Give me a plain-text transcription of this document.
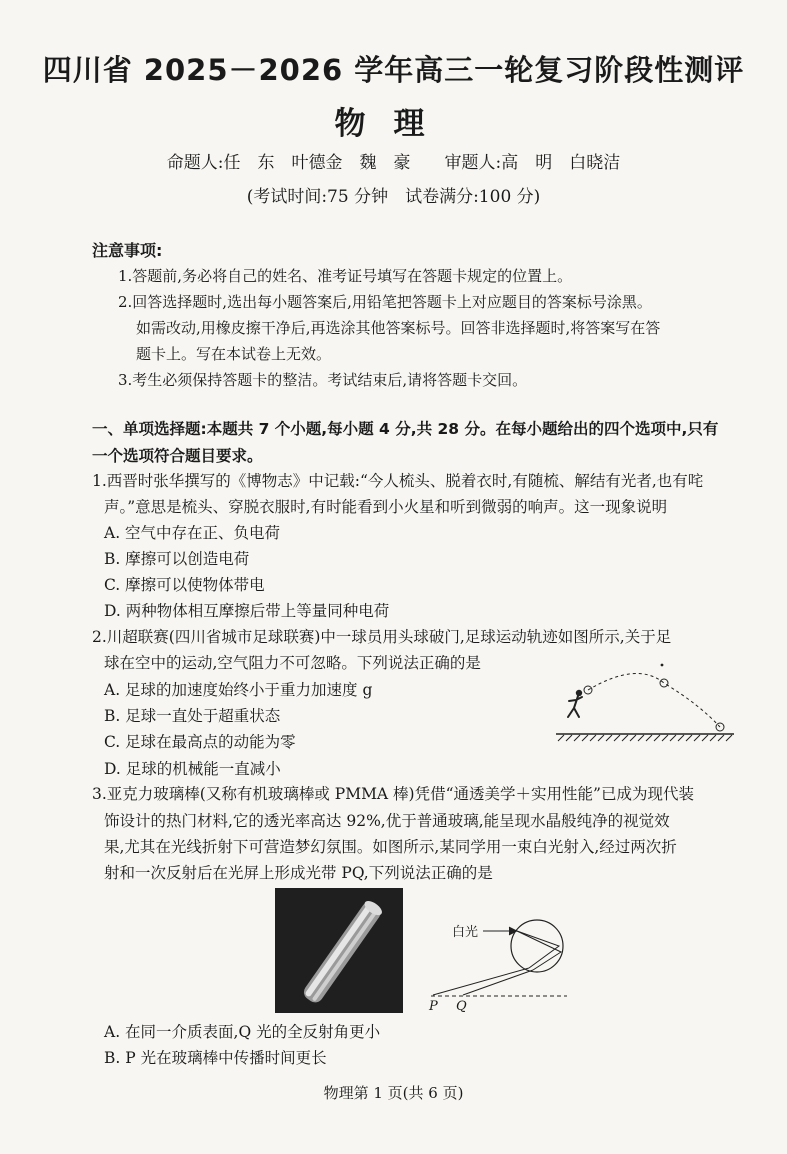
四川省 2025－2026 学年高三一轮复习阶段性测评
物理
命题人:任　东　叶德金　魏　豪　　审题人:高　明　白晓洁
(考试时间:75 分钟　试卷满分:100 分)
注意事项:
1.答题前,务必将自己的姓名、准考证号填写在答题卡规定的位置上。
2.回答选择题时,选出每小题答案后,用铅笔把答题卡上对应题目的答案标号涂黑。
如需改动,用橡皮擦干净后,再选涂其他答案标号。回答非选择题时,将答案写在答
题卡上。写在本试卷上无效。
3.考生必须保持答题卡的整洁。考试结束后,请将答题卡交回。
一、单项选择题:本题共 7 个小题,每小题 4 分,共 28 分。在每小题给出的四个选项中,只有
一个选项符合题目要求。
1.西晋时张华撰写的《博物志》中记载:“今人梳头、脱着衣时,有随梳、解结有光者,也有咤
声。”意思是梳头、穿脱衣服时,有时能看到小火星和听到微弱的响声。这一现象说明
A. 空气中存在正、负电荷
B. 摩擦可以创造电荷
C. 摩擦可以使物体带电
D. 两种物体相互摩擦后带上等量同种电荷
2.川超联赛(四川省城市足球联赛)中一球员用头球破门,足球运动轨迹如图所示,关于足
球在空中的运动,空气阻力不可忽略。下列说法正确的是
A. 足球的加速度始终小于重力加速度 g
B. 足球一直处于超重状态
C. 足球在最高点的动能为零
D. 足球的机械能一直减小
3.亚克力玻璃棒(又称有机玻璃棒或 PMMA 棒)凭借“通透美学＋实用性能”已成为现代装
饰设计的热门材料,它的透光率高达 92%,优于普通玻璃,能呈现水晶般纯净的视觉效
果,尤其在光线折射下可营造梦幻氛围。如图所示,某同学用一束白光射入,经过两次折
射和一次反射后在光屏上形成光带 PQ,下列说法正确的是
白光
P Q
A. 在同一介质表面,Q 光的全反射角更小
B. P 光在玻璃棒中传播时间更长
物理第 1 页(共 6 页)
